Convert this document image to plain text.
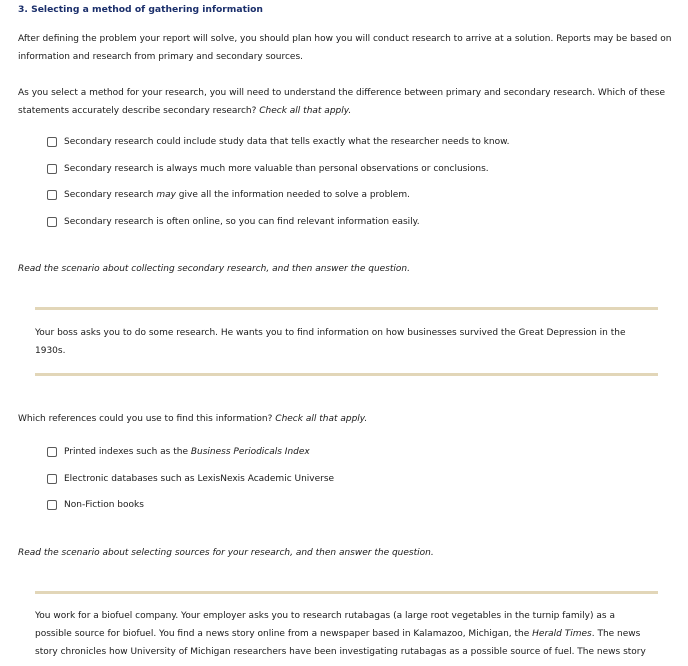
3. Selecting a method of gathering information
After defining the problem your report will solve, you should plan how you will conduct research to arrive at a solution. Reports may be based on
information and research from primary and secondary sources.
As you select a method for your research, you will need to understand the difference between primary and secondary research. Which of these
statements accurately describe secondary research? Check all that apply.
Secondary research could include study data that tells exactly what the researcher needs to know.
Secondary research is always much more valuable than personal observations or conclusions.
Secondary research may give all the information needed to solve a problem.
Secondary research is often online, so you can find relevant information easily.
Read the scenario about collecting secondary research, and then answer the question.
Your boss asks you to do some research. He wants you to find information on how businesses survived the Great Depression in the
1930s.
Which references could you use to find this information? Check all that apply.
Printed indexes such as the Business Periodicals Index
Electronic databases such as LexisNexis Academic Universe
Non-Fiction books
Read the scenario about selecting sources for your research, and then answer the question.
You work for a biofuel company. Your employer asks you to research rutabagas (a large root vegetables in the turnip family) as a
possible source for biofuel. You find a news story online from a newspaper based in Kalamazoo, Michigan, the Herald Times. The news
story chronicles how University of Michigan researchers have been investigating rutabagas as a possible source of fuel. The news story
